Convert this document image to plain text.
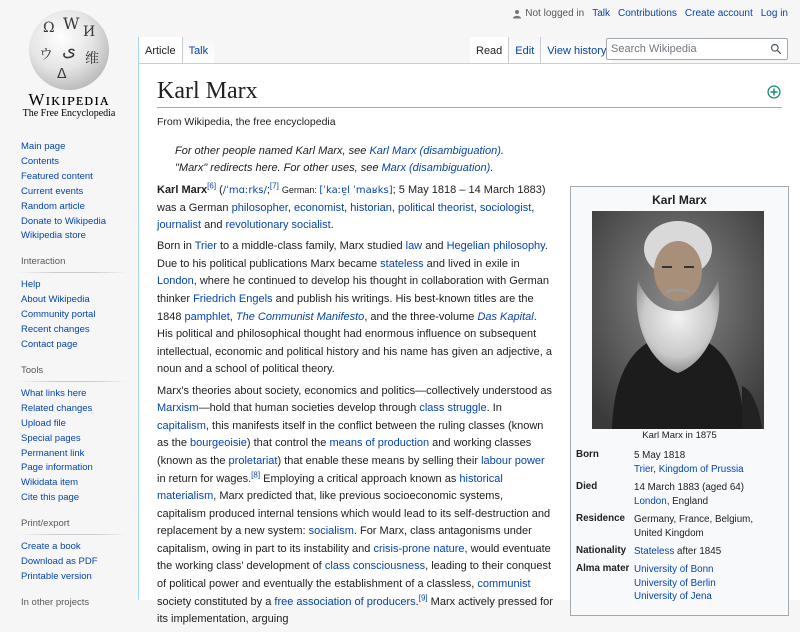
Ω W И
ウ ی 维
ᐃ
Wɪᴋɪᴘᴇᴅɪᴀ
The Free Encyclopedia
Not logged in Talk Contributions Create account Log in
Article	Talk	Read	Edit	View history
Search Wikipedia
Main page
Contents
Featured content
Current events
Random article
Donate to Wikipedia
Wikipedia store
Interaction
Help
About Wikipedia
Community portal
Recent changes
Contact page
Tools
What links here
Related changes
Upload file
Special pages
Permanent link
Page information
Wikidata item
Cite this page
Print/export
Create a book
Download as PDF
Printable version
In other projects
Karl Marx
From Wikipedia, the free encyclopedia
For other people named Karl Marx, see Karl Marx (disambiguation).
"Marx" redirects here. For other uses, see Marx (disambiguation).

Karl Marx[6] (/ˈmɑːrks/;[7] German: [ˈkaːɐ̯l ˈmaʁks]; 5 May 1818 – 14 March 1883) was a German philosopher, economist, historian, political theorist, sociologist, journalist and revolutionary socialist.

Born in Trier to a middle-class family, Marx studied law and Hegelian philosophy. Due to his political publications Marx became stateless and lived in exile in London, where he continued to develop his thought in collaboration with German thinker Friedrich Engels and publish his writings. His best-known titles are the 1848 pamphlet, The Communist Manifesto, and the three-volume Das Kapital. His political and philosophical thought had enormous influence on subsequent intellectual, economic and political history and his name has given an adjective, a noun and a school of political theory.

Marx's theories about society, economics and politics—collectively understood as Marxism—hold that human societies develop through class struggle. In capitalism, this manifests itself in the conflict between the ruling classes (known as the bourgeoisie) that control the means of production and working classes (known as the proletariat) that enable these means by selling their labour power in return for wages.[8] Employing a critical approach known as historical materialism, Marx predicted that, like previous socioeconomic systems, capitalism produced internal tensions which would lead to its self-destruction and replacement by a new system: socialism. For Marx, class antagonisms under capitalism, owing in part to its instability and crisis-prone nature, would eventuate the working class' development of class consciousness, leading to their conquest of political power and eventually the establishment of a classless, communist society constituted by a free association of producers.[9] Marx actively pressed for its implementation, arguing

Karl Marx
Karl Marx in 1875
Born	5 May 1818
Trier, Kingdom of Prussia
Died	14 March 1883 (aged 64)
London, England
Residence Germany, France, Belgium, United Kingdom
Nationality Stateless after 1845
Alma mater University of Bonn
University of Berlin
University of Jena
